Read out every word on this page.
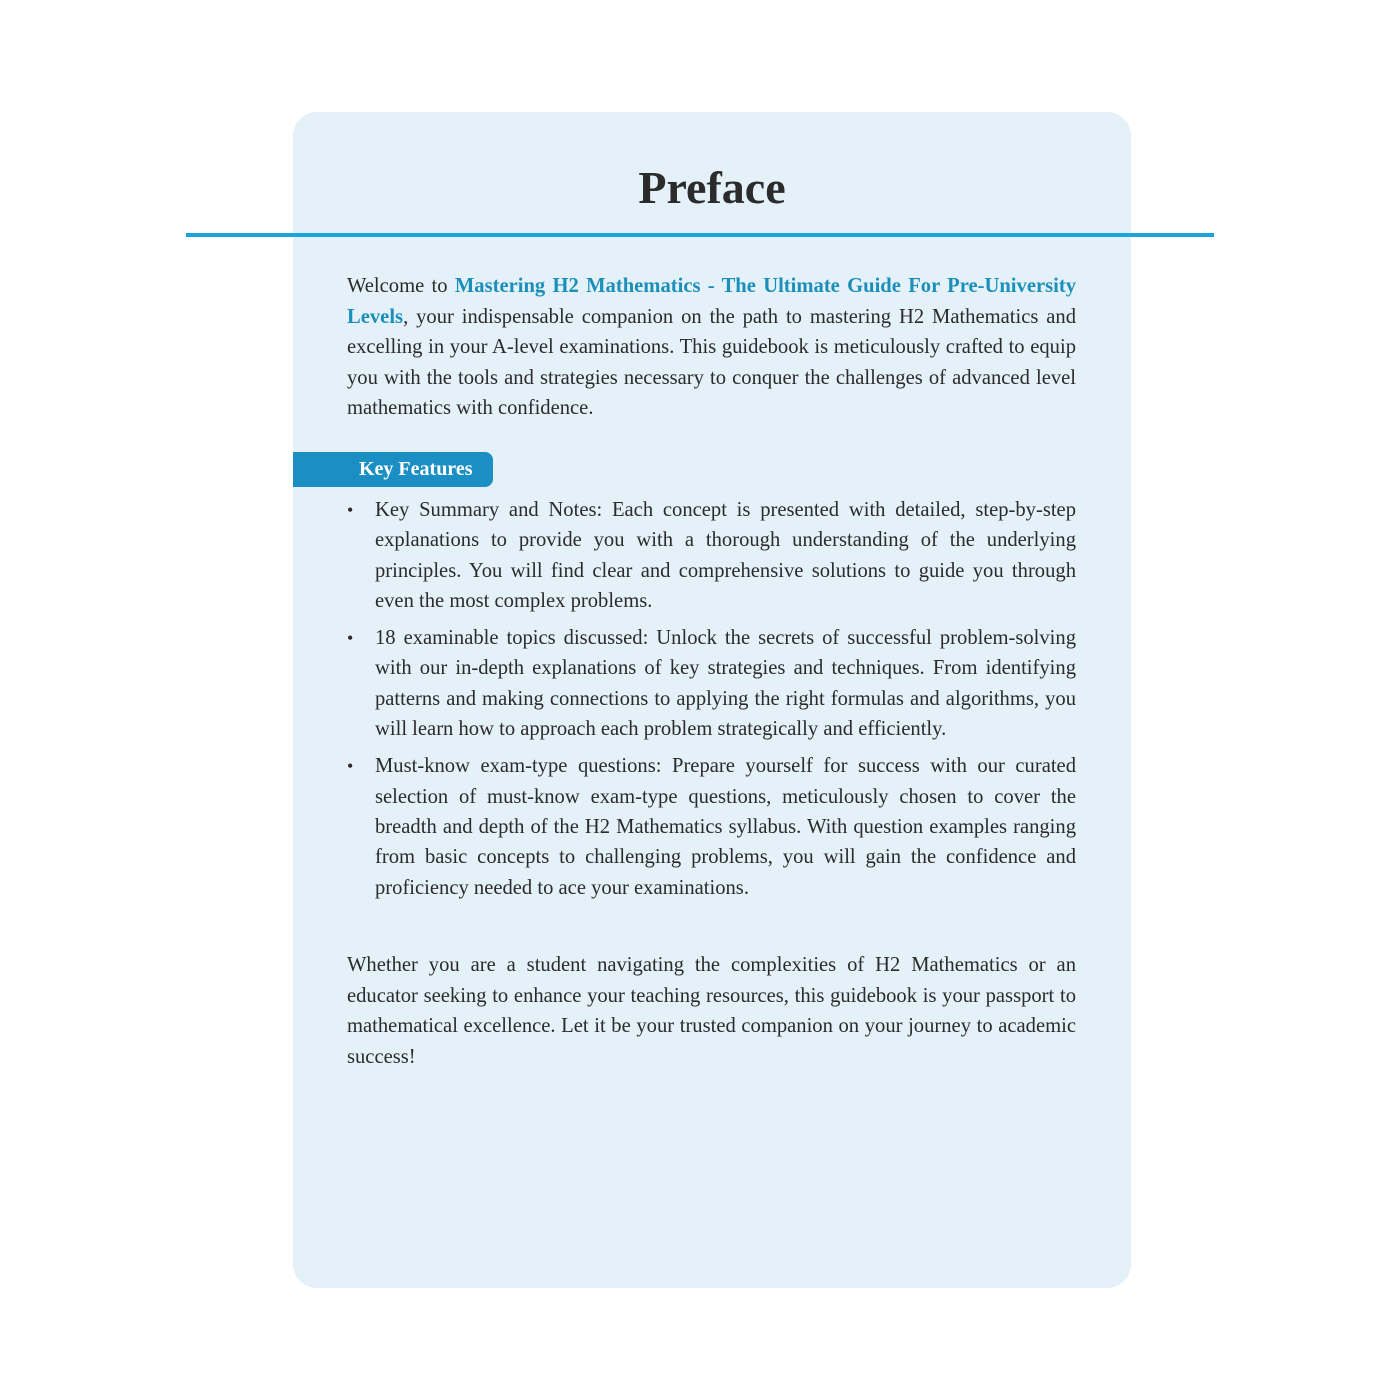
Preface

Welcome to Mastering H2 Mathematics - The Ultimate Guide For Pre-University Levels, your indispensable companion on the path to mastering H2 Mathematics and excelling in your A-level examinations. This guidebook is meticulously crafted to equip you with the tools and strategies necessary to conquer the challenges of advanced level mathematics with confidence.

Key Features
• Key Summary and Notes: Each concept is presented with detailed, step-by-step explanations to provide you with a thorough understanding of the underlying principles. You will find clear and comprehensive solutions to guide you through even the most complex problems.
• 18 examinable topics discussed: Unlock the secrets of successful problem-solving with our in-depth explanations of key strategies and techniques. From identifying patterns and making connections to applying the right formulas and algorithms, you will learn how to approach each problem strategically and efficiently.
• Must-know exam-type questions: Prepare yourself for success with our curated selection of must-know exam-type questions, meticulously chosen to cover the breadth and depth of the H2 Mathematics syllabus. With question examples ranging from basic concepts to challenging problems, you will gain the confidence and proficiency needed to ace your examinations.

Whether you are a student navigating the complexities of H2 Mathematics or an educator seeking to enhance your teaching resources, this guidebook is your passport to mathematical excellence. Let it be your trusted companion on your journey to academic success!
